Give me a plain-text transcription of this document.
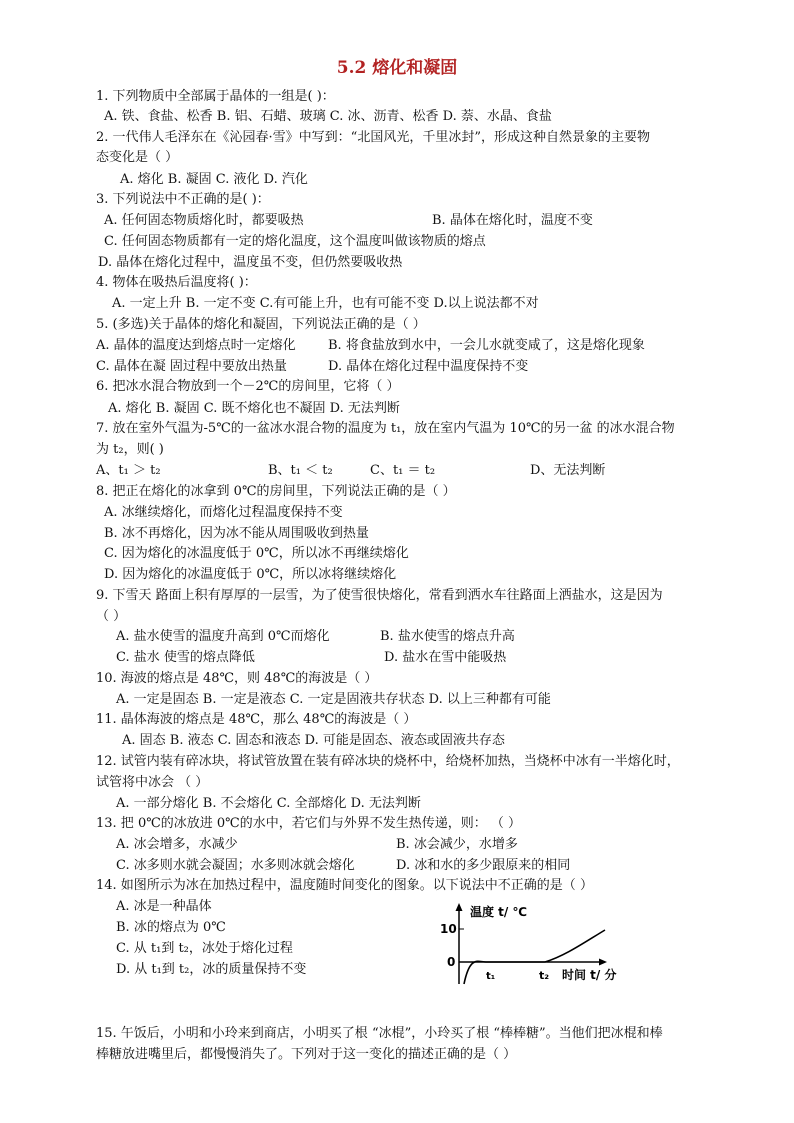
5.2 熔化和凝固
1. 下列物质中全部属于晶体的一组是( )：
A. 铁、食盐、松香 B. 铝、石蜡、玻璃 C. 冰、沥青、松香 D. 萘、水晶、食盐
2. 一代伟人毛泽东在《沁园春·雪》中写到：“北国风光，千里冰封”，形成这种自然景象的主要物
态变化是（ ）
A. 熔化 B. 凝固 C. 液化 D. 汽化
3. 下列说法中不正确的是( )：
A. 任何固态物质熔化时，都要吸热	B. 晶体在熔化时，温度不变
C. 任何固态物质都有一定的熔化温度，这个温度叫做该物质的熔点
D. 晶体在熔化过程中，温度虽不变，但仍然要吸收热
4. 物体在吸热后温度将( )：
A. 一定上升 B. 一定不变 C.有可能上升，也有可能不变 D.以上说法都不对
5. (多选)关于晶体的熔化和凝固，下列说法正确的是（ ）
A. 晶体的温度达到熔点时一定熔化 B. 将食盐放到水中，一会儿水就变咸了，这是熔化现象
C. 晶体在凝 固过程中要放出热量	D. 晶体在熔化过程中温度保持不变
6. 把冰水混合物放到一个－2℃的房间里，它将（ ）
A. 熔化 B. 凝固 C. 既不熔化也不凝固 D. 无法判断
7. 放在室外气温为-5℃的一盆冰水混合物的温度为 t₁，放在室内气温为 10℃的另一盆 的冰水混合物
为 t₂，则( )
A、t₁ ＞ t₂	B、t₁ ＜ t₂	C、t₁ ＝ t₂	D、无法判断
8. 把正在熔化的冰拿到 0℃的房间里，下列说法正确的是（ ）
A. 冰继续熔化，而熔化过程温度保持不变
B. 冰不再熔化，因为冰不能从周围吸收到热量
C. 因为熔化的冰温度低于 0℃，所以冰不再继续熔化
D. 因为熔化的冰温度低于 0℃，所以冰将继续熔化
9. 下雪天 路面上积有厚厚的一层雪，为了使雪很快熔化，常看到洒水车往路面上洒盐水，这是因为
（ ）
A. 盐水使雪的温度升高到 0℃而熔化	B. 盐水使雪的熔点升高
C. 盐水 使雪的熔点降低	D. 盐水在雪中能吸热
10. 海波的熔点是 48℃，则 48℃的海波是（ ）
A. 一定是固态 B. 一定是液态 C. 一定是固液共存状态 D. 以上三种都有可能
11. 晶体海波的熔点是 48℃，那么 48℃的海波是（ ）
A. 固态 B. 液态 C. 固态和液态 D. 可能是固态、液态或固液共存态
12. 试管内装有碎冰块，将试管放置在装有碎冰块的烧杯中，给烧杯加热，当烧杯中冰有一半熔化时，
试管将中冰会 （ ）
A. 一部分熔化 B. 不会熔化 C. 全部熔化 D. 无法判断
13. 把 0℃的冰放进 0℃的水中，若它们与外界不发生热传递，则： （ ）
A. 冰会增多，水减少	B. 冰会减少，水增多
C. 冰多则水就会凝固；水多则冰就会熔化	D. 冰和水的多少跟原来的相同
14. 如图所示为冰在加热过程中，温度随时间变化的图象。以下说法中不正确的是（ ）
A. 冰是一种晶体
B. 冰的熔点为 0℃
C. 从 t₁到 t₂，冰处于熔化过程
D. 从 t₁到 t₂，冰的质量保持不变
温度 t/ ℃
10
0
t₁	t₂ 时间 t/ 分
15. 午饭后，小明和小玲来到商店，小明买了根 “冰棍”，小玲买了根 “棒棒糖”。当他们把冰棍和棒
棒糖放进嘴里后，都慢慢消失了。下列对于这一变化的描述正确的是（ ）
